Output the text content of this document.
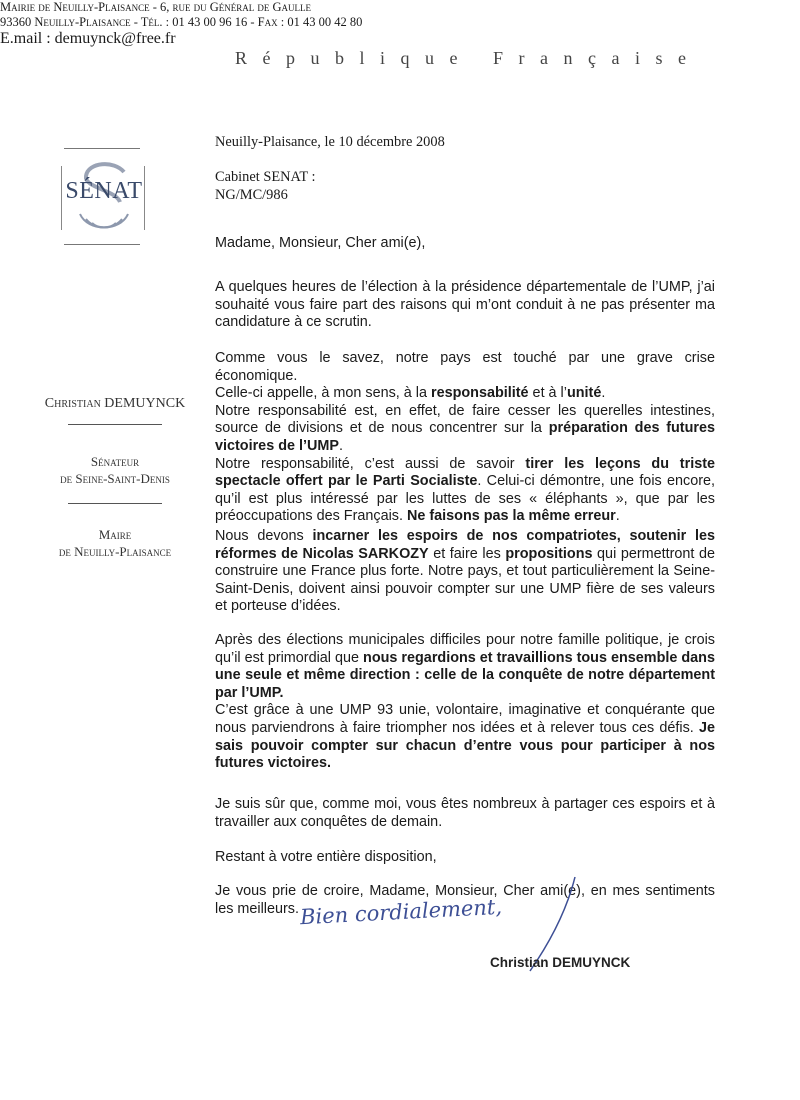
République Française
SÉNAT
Christian DEMUYNCK
Sénateur
de Seine-Saint-Denis
Maire
de Neuilly-Plaisance
Neuilly-Plaisance, le 10 décembre 2008
Cabinet SENAT :
NG/MC/986
Madame, Monsieur, Cher ami(e),
A quelques heures de l’élection à la présidence départementale de l’UMP, j’ai souhaité vous faire part des raisons qui m’ont conduit à ne pas présenter ma candidature à ce scrutin.

Comme vous le savez, notre pays est touché par une grave crise économique.

Celle-ci appelle, à mon sens, à la responsabilité et à l’unité.

Notre responsabilité est, en effet, de faire cesser les querelles intestines, source de divisions et de nous concentrer sur la préparation des futures victoires de l’UMP.

Notre responsabilité, c’est aussi de savoir tirer les leçons du triste spectacle offert par le Parti Socialiste. Celui-ci démontre, une fois encore, qu’il est plus intéressé par les luttes de ses « éléphants », que par les préoccupations des Français. Ne faisons pas la même erreur.

Nous devons incarner les espoirs de nos compatriotes, soutenir les réformes de Nicolas SARKOZY et faire les propositions qui permettront de construire une France plus forte. Notre pays, et tout particulièrement la Seine-Saint-Denis, doivent ainsi pouvoir compter sur une UMP fière de ses valeurs et porteuse d’idées.

Après des élections municipales difficiles pour notre famille politique, je crois qu’il est primordial que nous regardions et travaillions tous ensemble dans une seule et même direction : celle de la conquête de notre département par l’UMP.

C’est grâce à une UMP 93 unie, volontaire, imaginative et conquérante que nous parviendrons à faire triompher nos idées et à relever tous ces défis. Je sais pouvoir compter sur chacun d’entre vous pour participer à nos futures victoires.

Je suis sûr que, comme moi, vous êtes nombreux à partager ces espoirs et à travailler aux conquêtes de demain.
Restant à votre entière disposition,
Je vous prie de croire, Madame, Monsieur, Cher ami(e), en mes sentiments les meilleurs. Bien cordialement,
Christian DEMUYNCK
Mairie de Neuilly-Plaisance - 6, rue du Général de Gaulle
93360 Neuilly-Plaisance - Tél. : 01 43 00 96 16 - Fax : 01 43 00 42 80
E.mail : demuynck@free.fr
